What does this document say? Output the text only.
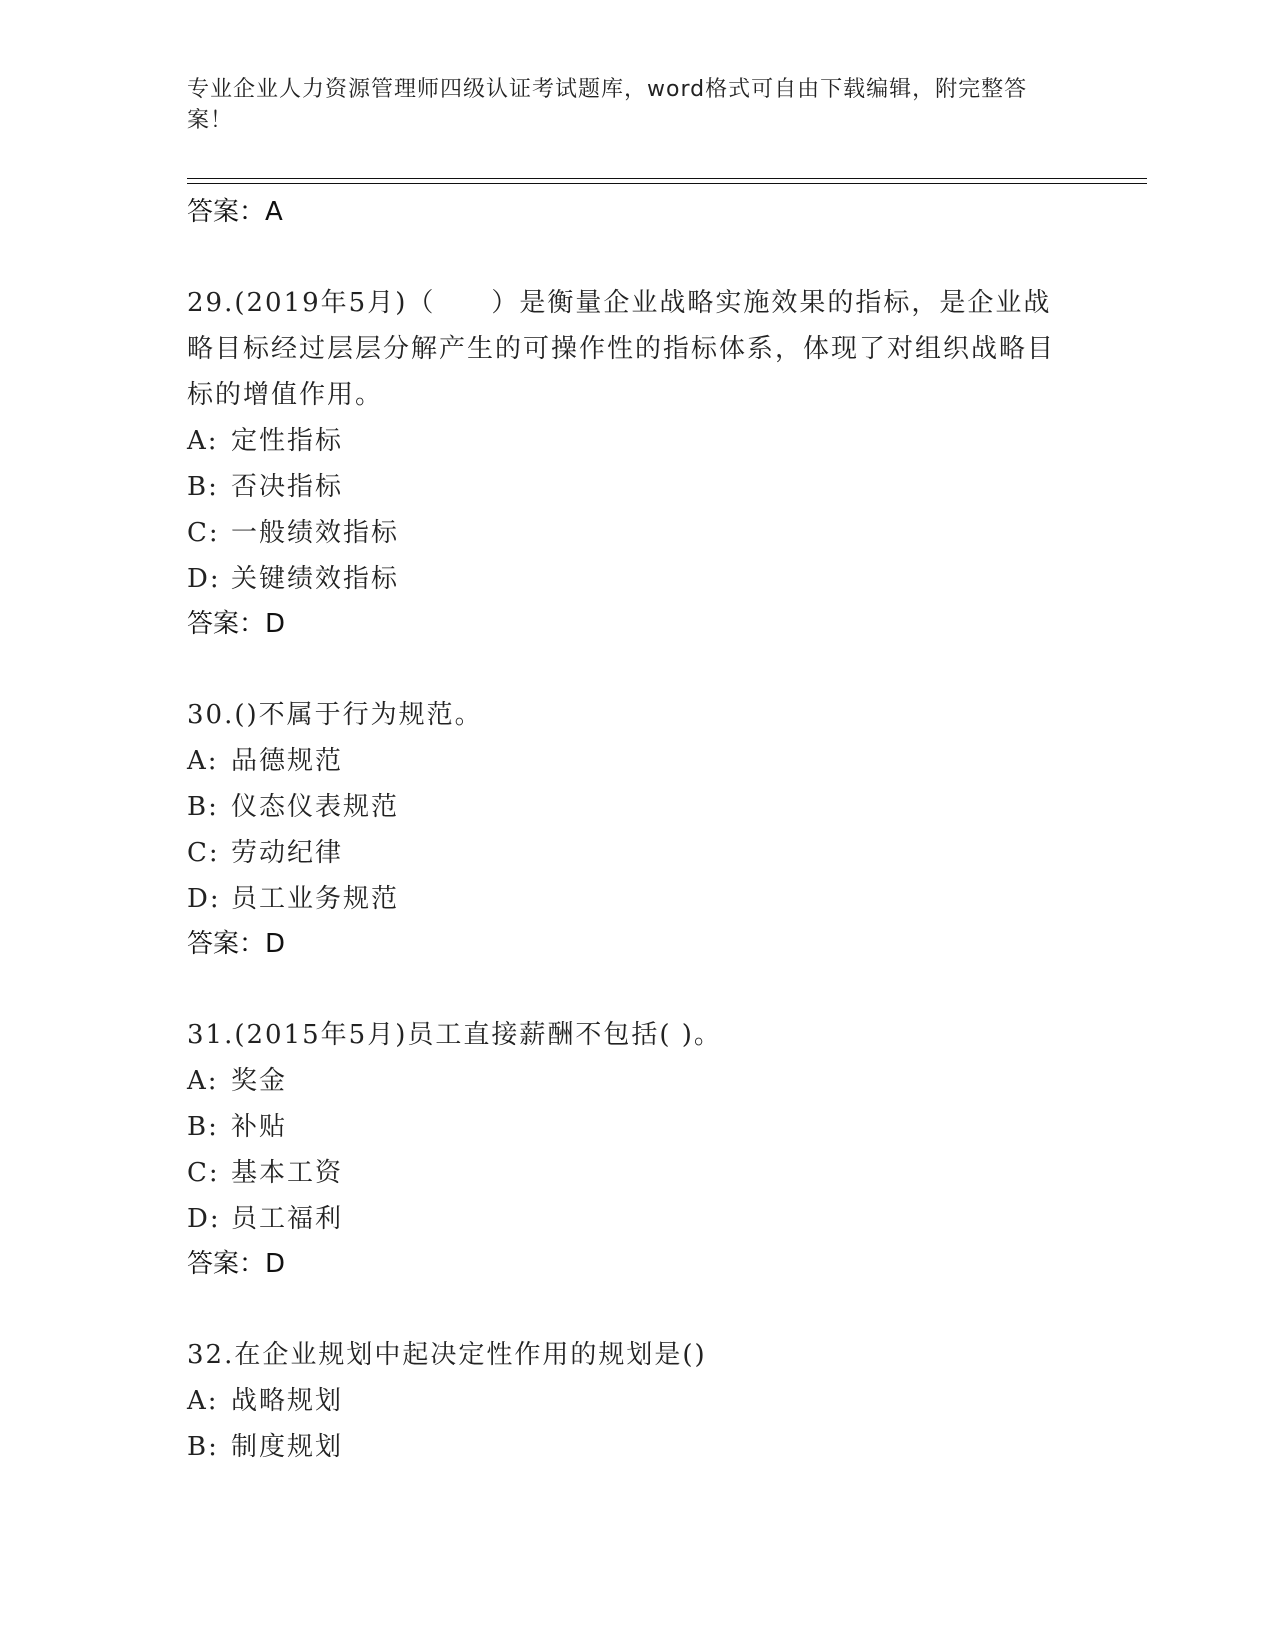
专业企业人力资源管理师四级认证考试题库，word格式可自由下载编辑，附完整答案！
答案：A
29.(2019年5月)（　　）是衡量企业战略实施效果的指标，是企业战略目标经过层层分解产生的可操作性的指标体系，体现了对组织战略目标的增值作用。
A: 定性指标
B: 否决指标
C: 一般绩效指标
D: 关键绩效指标
答案：D
30.()不属于行为规范。
A: 品德规范
B: 仪态仪表规范
C: 劳动纪律
D: 员工业务规范
答案：D
31.(2015年5月)员工直接薪酬不包括( )。
A: 奖金
B: 补贴
C: 基本工资
D: 员工福利
答案：D
32.在企业规划中起决定性作用的规划是()
A: 战略规划
B: 制度规划
